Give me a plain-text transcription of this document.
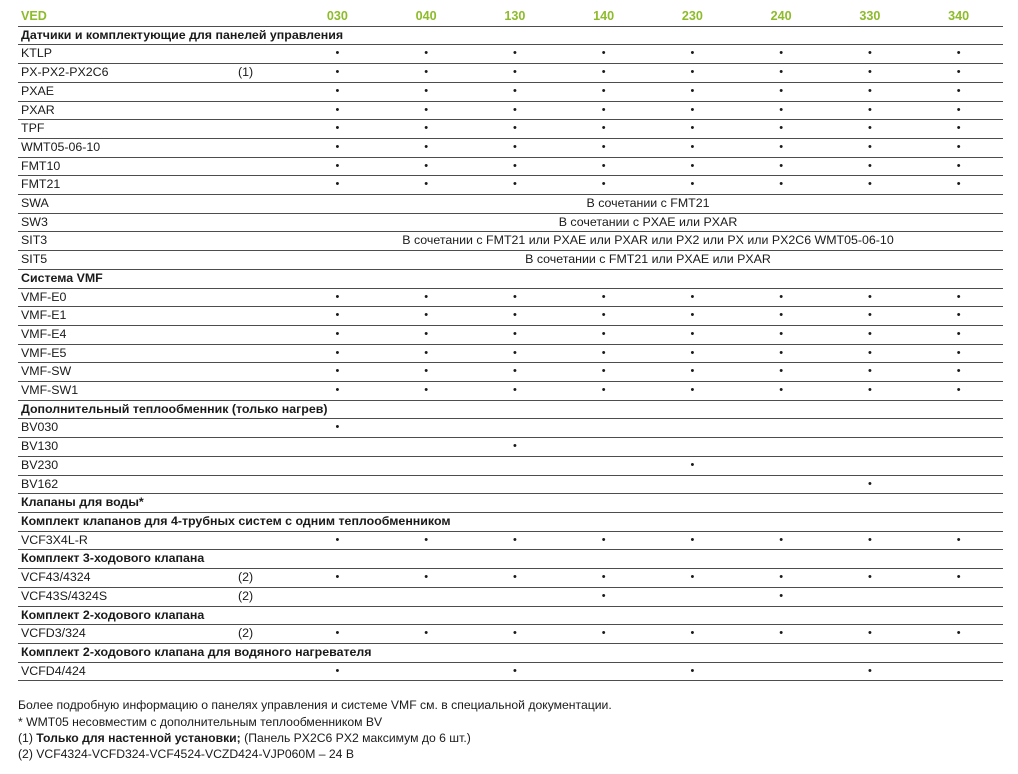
VED		030	040	130	140	230	240	330	340
Датчики и комплектующие для панелей управления									
KTLP		•	•	•	•	•	•	•	•
PX-PX2-PX2C6	(1)	•	•	•	•	•	•	•	•
PXAE		•	•	•	•	•	•	•	•
PXAR		•	•	•	•	•	•	•	•
TPF		•	•	•	•	•	•	•	•
WMT05-06-10		•	•	•	•	•	•	•	•
FMT10		•	•	•	•	•	•	•	•
FMT21		•	•	•	•	•	•	•	•
SWA		В сочетании с FMT21							
SW3		В сочетании с PXAE или PXAR							
SIT3		В сочетании с FMT21 или PXAE или PXAR или PX2 или PX или PX2C6 WMT05-06-10							
SIT5		В сочетании с FMT21 или PXAE или PXAR							
Система VMF									
VMF-E0		•	•	•	•	•	•	•	•
VMF-E1		•	•	•	•	•	•	•	•
VMF-E4		•	•	•	•	•	•	•	•
VMF-E5		•	•	•	•	•	•	•	•
VMF-SW		•	•	•	•	•	•	•	•
VMF-SW1		•	•	•	•	•	•	•	•
Дополнительный теплообменник (только нагрев)									
BV030		•							
BV130				•					
BV230						•			
BV162								•	
Клапаны для воды*									
Комплект клапанов для 4-трубных систем с одним теплообменником									
VCF3X4L-R		•	•	•	•	•	•	•	•
Комплект 3-ходового клапана									
VCF43/4324	(2)	•	•	•	•	•	•	•	•
VCF43S/4324S	(2)				•		•		
Комплект 2-ходового клапана									
VCFD3/324	(2)	•	•	•	•	•	•	•	•
Комплект 2-ходового клапана для водяного нагревателя									
VCFD4/424		•		•		•		•	
Более подробную информацию о панелях управления и системе VMF см. в специальной документации.
* WMT05 несовместим с дополнительным теплообменником BV
(1) Только для настенной установки; (Панель PX2C6 PX2 максимум до 6 шт.)
(2) VCF4324-VCFD324-VCF4524-VCZD424-VJP060M – 24 В
